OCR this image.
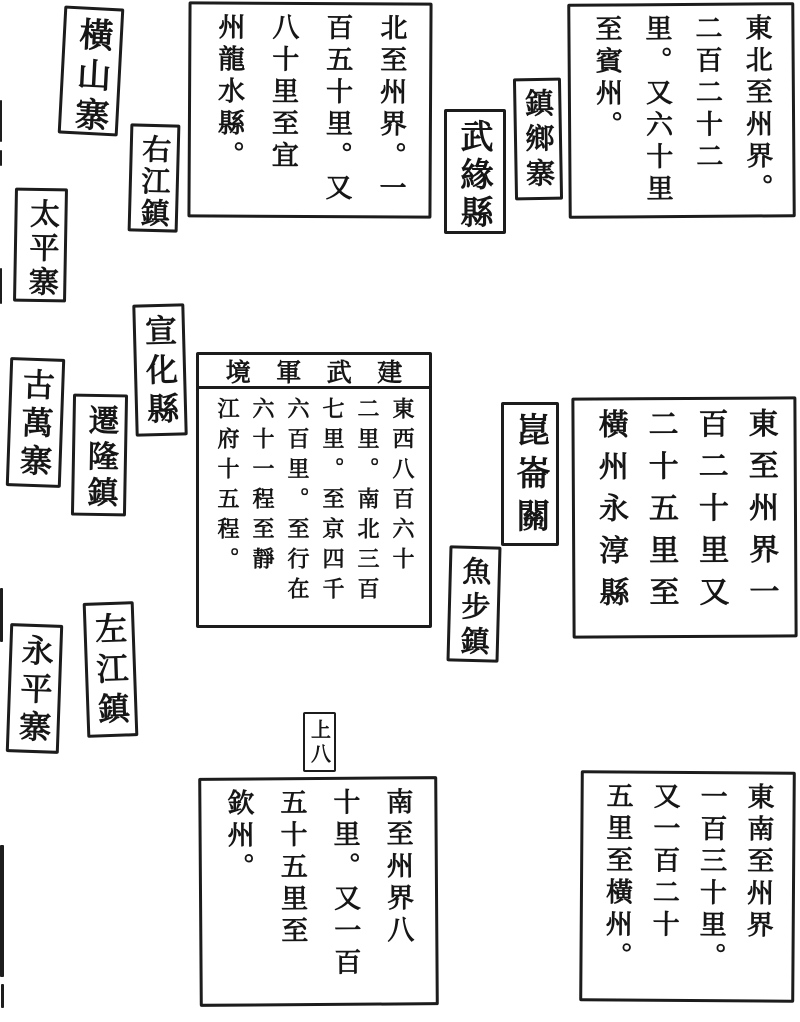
北至州界。一
百五十里。又
八十里至宜
州龍水縣。	東北至州界。
二百二十二
里。又六十里
至賓州。
建
武
軍
境
東西八百六十
二里。南北三百
七里。至京四千
六百里。至行在
六十一程至靜
江府十五程。	東至州界一
百二十里又
二十五里至
橫州永淳縣
南至州界八
十里。又一百
五十五里至
欽州。	東南至州界
一百三十里。
又一百二十
五里至橫州。
橫山寨
右江鎮
太平寨
武緣縣 鎮鄉寨
古萬寨	宣化縣
遷隆鎮	崑崙關
魚步鎮
永平寨 左江鎮
上八
